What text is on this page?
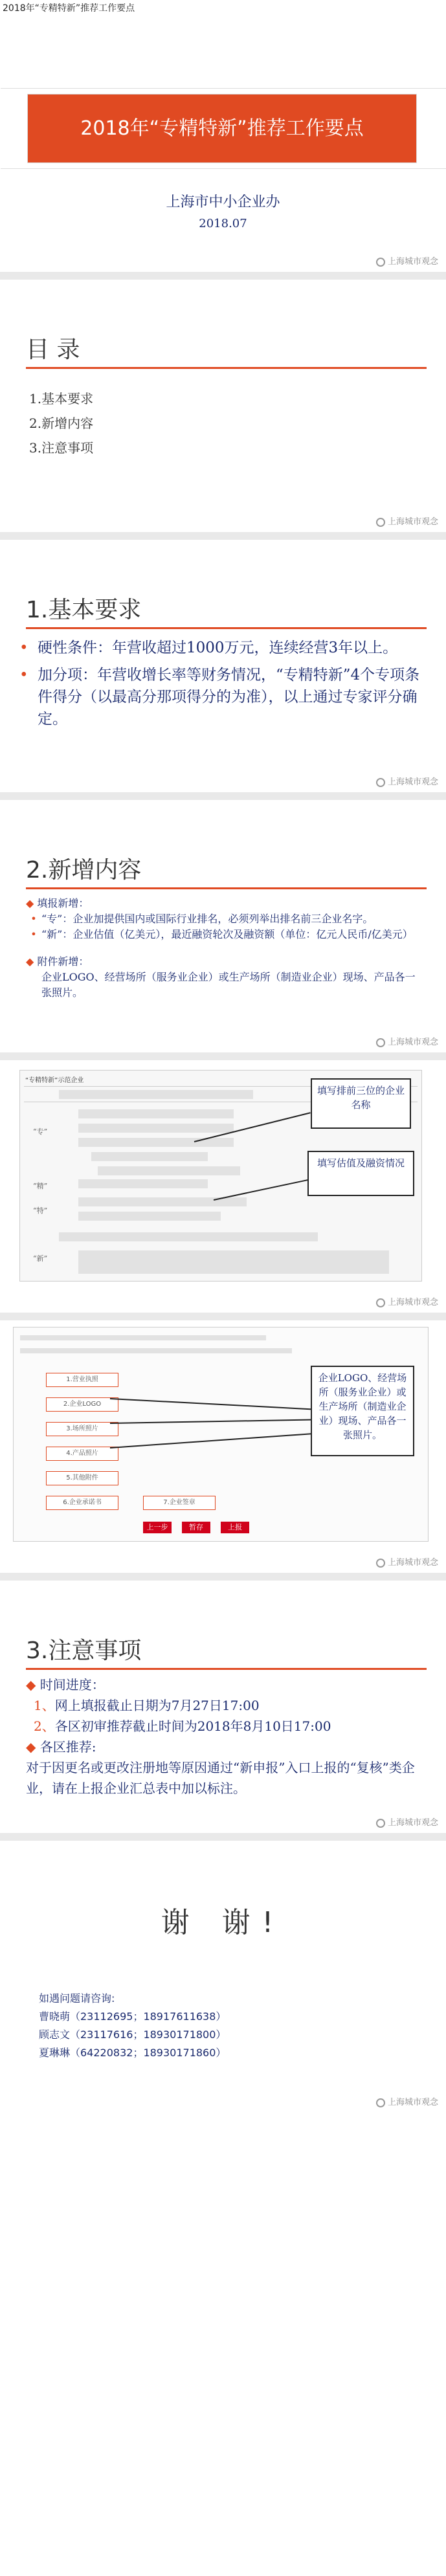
2018年“专精特新”推荐工作要点
2018年“专精特新”推荐工作要点
上海市中小企业办
2018.07
上海城市观念
目 录
1.基本要求
2.新增内容
3.注意事项
上海城市观念
1.基本要求
• 硬性条件：年营收超过1000万元，连续经营3年以上。
• 加分项：年营收增长率等财务情况，“专精特新”4个专项条件得分（以最高分那项得分的为准），以上通过专家评分确定。
上海城市观念
2.新增内容
◆ 填报新增：
• “专”：企业加提供国内或国际行业排名，必须列举出排名前三企业名字。
• “新”：企业估值（亿美元），最近融资轮次及融资额（单位：亿元人民币/亿美元）
◆ 附件新增：
企业LOGO、经营场所（服务业企业）或生产场所（制造业企业）现场、产品各一张照片。
上海城市观念
“专精特新”示范企业
“专”
“精”
“特”
“新”
填写排前三位的企业名称
填写估值及融资情况
上海城市观念
1.营业执照
2.企业LOGO
3.场所照片
4.产品照片
5.其他附件
6.企业承诺书	7.企业签章
上一步	暂存	上报
企业LOGO、经营场所（服务业企业）或生产场所（制造业企业）现场、产品各一张照片。
上海城市观念
3.注意事项
◆ 时间进度：
1、网上填报截止日期为7月27日17:00
2、各区初审推荐截止时间为2018年8月10日17:00
◆ 各区推荐:
对于因更名或更改注册地等原因通过“新申报”入口上报的“复核”类企业，请在上报企业汇总表中加以标注。
上海城市观念
谢 谢!
如遇问题请咨询:
曹晓萌（23112695；18917611638）
顾志文（23117616；18930171800）
夏琳琳（64220832；18930171860）
上海城市观念
